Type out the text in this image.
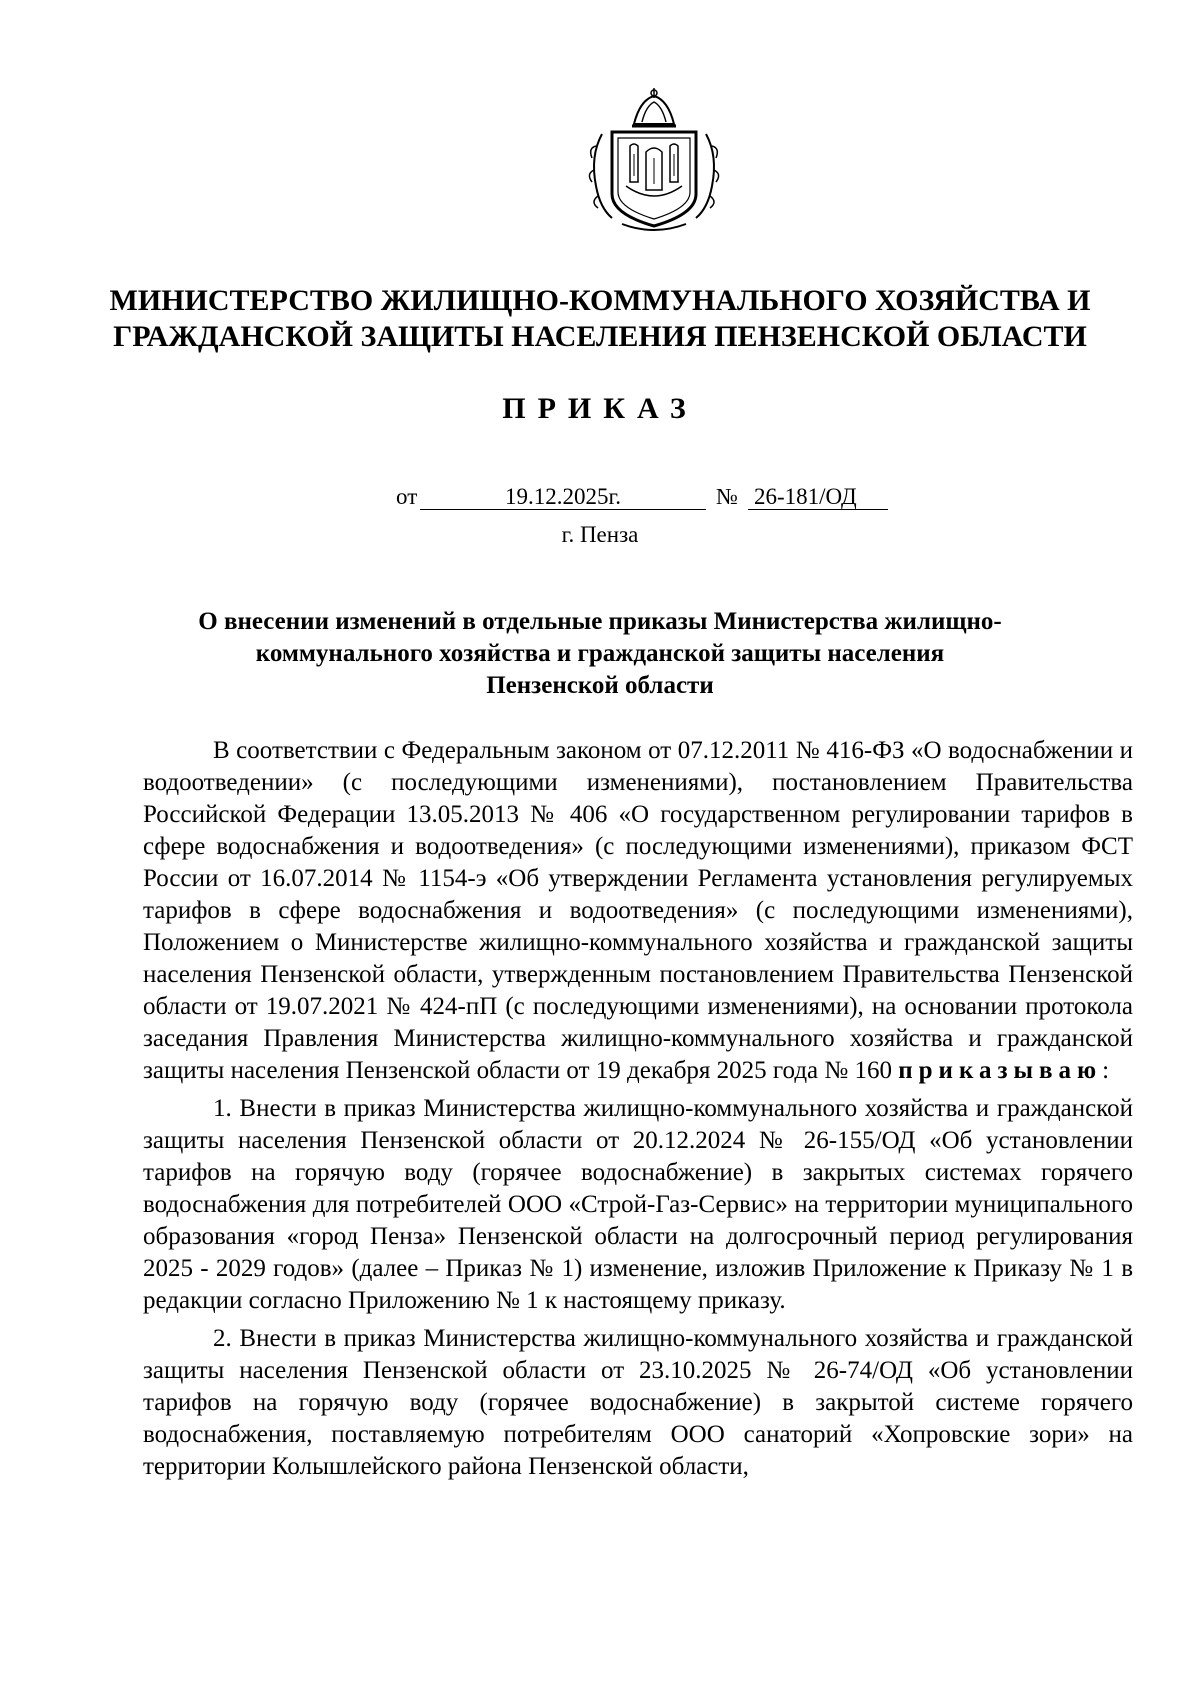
МИНИСТЕРСТВО ЖИЛИЩНО-КОММУНАЛЬНОГО ХОЗЯЙСТВА И
ГРАЖДАНСКОЙ ЗАЩИТЫ НАСЕЛЕНИЯ ПЕНЗЕНСКОЙ ОБЛАСТИ
ПРИКАЗ
от	19.12.2025г.	№ 26-181/ОД
г. Пенза
О внесении изменений в отдельные приказы Министерства жилищно-
коммунального хозяйства и гражданской защиты населения
Пензенской области

В соответствии с Федеральным законом от 07.12.2011 № 416-ФЗ «О водоснабжении и водоотведении» (с последующими изменениями), постановлением Правительства Российской Федерации 13.05.2013 № 406 «О государственном регулировании тарифов в сфере водоснабжения и водоотведения» (с последующими изменениями), приказом ФСТ России от 16.07.2014 № 1154-э «Об утверждении Регламента установления регулируемых тарифов в сфере водоснабжения и водоотведения» (с последующими изменениями), Положением о Министерстве жилищно-коммунального хозяйства и гражданской защиты населения Пензенской области, утвержденным постановлением Правительства Пензенской области от 19.07.2021 № 424-пП (с последующими изменениями), на основании протокола заседания Правления Министерства жилищно-коммунального хозяйства и гражданской защиты населения Пензенской области от 19 декабря 2025 года № 160 приказываю:

1. Внести в приказ Министерства жилищно-коммунального хозяйства и гражданской защиты населения Пензенской области от 20.12.2024 № 26-155/ОД «Об установлении тарифов на горячую воду (горячее водоснабжение) в закрытых системах горячего водоснабжения для потребителей ООО «Строй-Газ-Сервис» на территории муниципального образования «город Пенза» Пензенской области на долгосрочный период регулирования 2025 - 2029 годов» (далее – Приказ № 1) изменение, изложив Приложение к Приказу № 1 в редакции согласно Приложению № 1 к настоящему приказу.

2. Внести в приказ Министерства жилищно-коммунального хозяйства и гражданской защиты населения Пензенской области от 23.10.2025 № 26-74/ОД «Об установлении тарифов на горячую воду (горячее водоснабжение) в закрытой системе горячего водоснабжения, поставляемую потребителям ООО санаторий «Хопровские зори» на территории Колышлейского района Пензенской области,
